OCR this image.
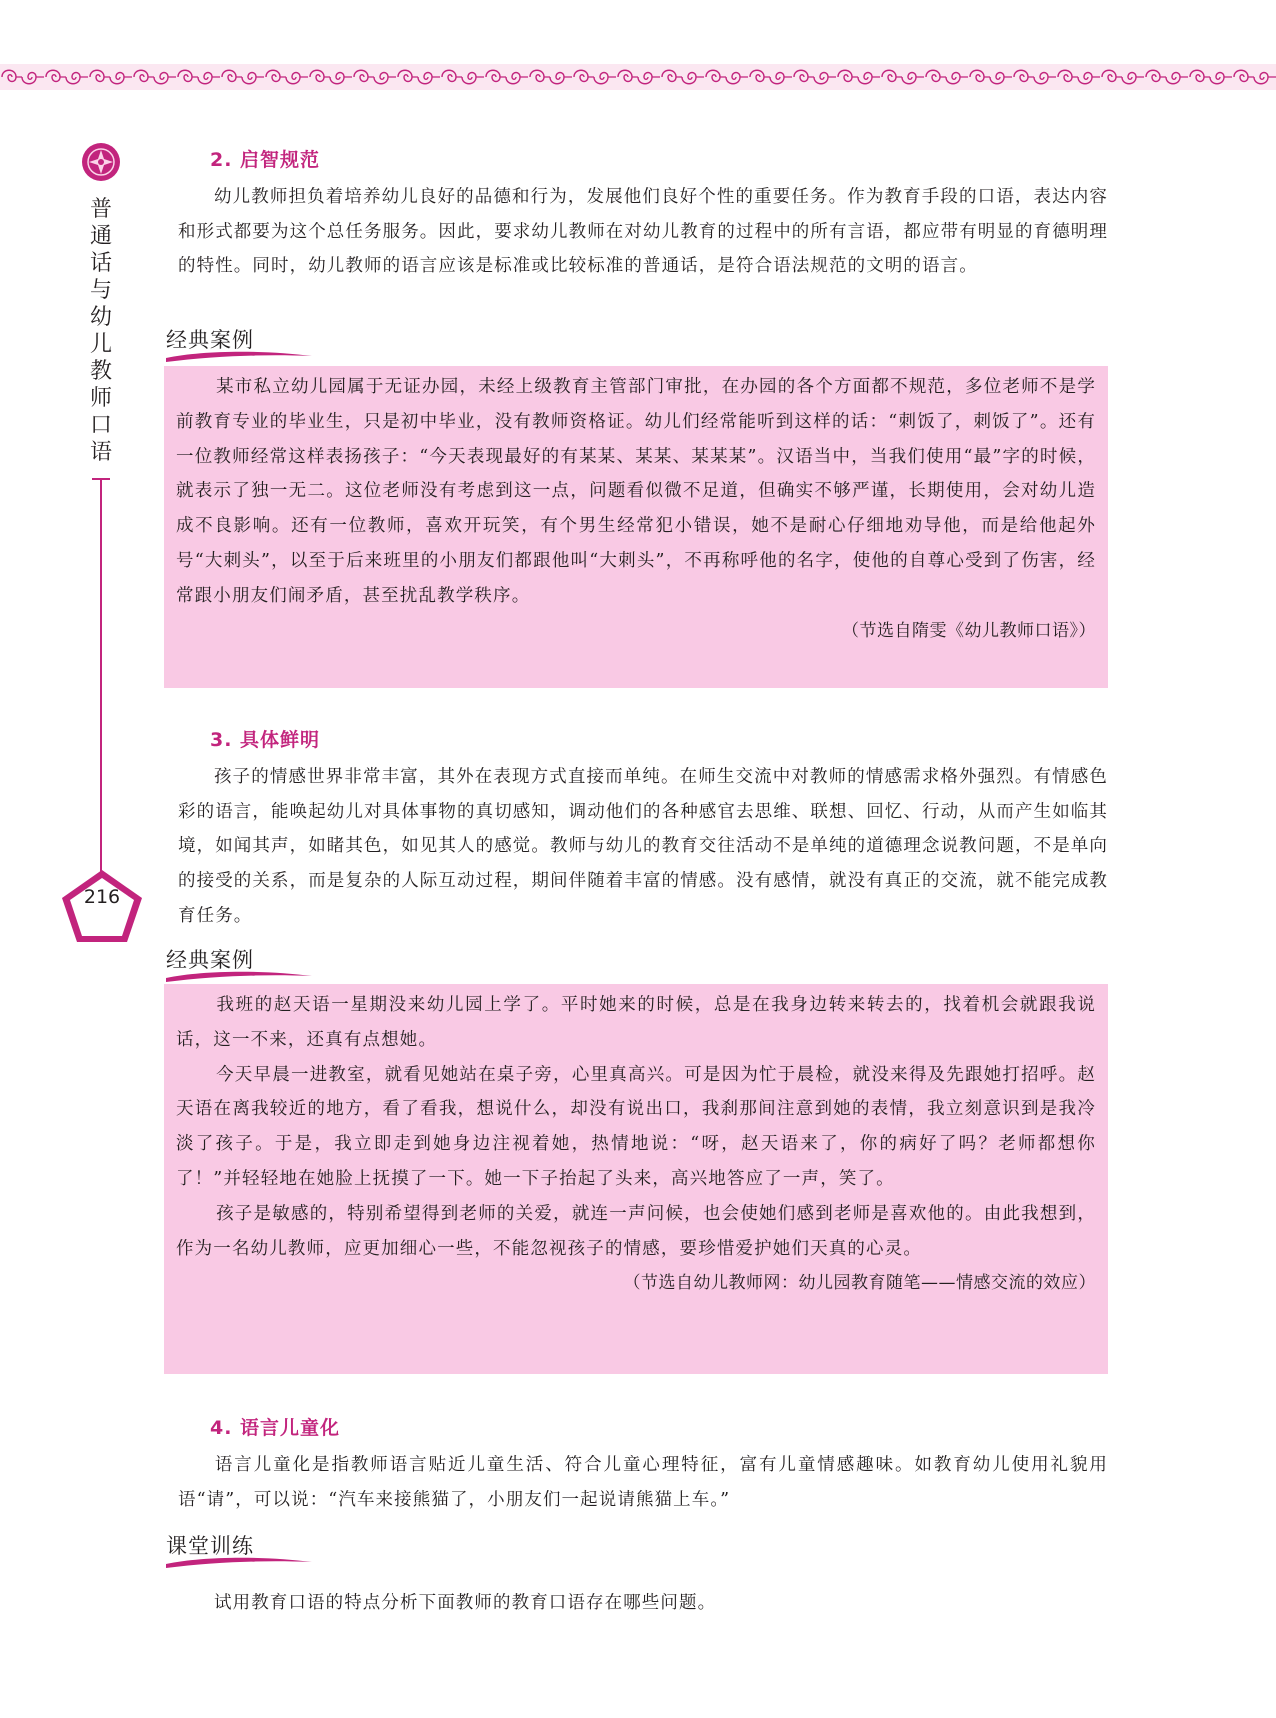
普
通
话
与
幼
儿
教
师
口
语
216
2. 启智规范

幼儿教师担负着培养幼儿良好的品德和行为，发展他们良好个性的重要任务。作为教育手段的口语，表达内容和形式都要为这个总任务服务。因此，要求幼儿教师在对幼儿教育的过程中的所有言语，都应带有明显的育德明理的特性。同时，幼儿教师的语言应该是标准或比较标准的普通话，是符合语法规范的文明的语言。

经典案例

某市私立幼儿园属于无证办园，未经上级教育主管部门审批，在办园的各个方面都不规范，多位老师不是学前教育专业的毕业生，只是初中毕业，没有教师资格证。幼儿们经常能听到这样的话：“刺饭了，刺饭了”。还有一位教师经常这样表扬孩子：“今天表现最好的有某某、某某、某某某”。汉语当中，当我们使用“最”字的时候，就表示了独一无二。这位老师没有考虑到这一点，问题看似微不足道，但确实不够严谨，长期使用，会对幼儿造成不良影响。还有一位教师，喜欢开玩笑，有个男生经常犯小错误，她不是耐心仔细地劝导他，而是给他起外号“大刺头”，以至于后来班里的小朋友们都跟他叫“大刺头”，不再称呼他的名字，使他的自尊心受到了伤害，经常跟小朋友们闹矛盾，甚至扰乱教学秩序。

（节选自隋雯《幼儿教师口语》）

3. 具体鲜明

孩子的情感世界非常丰富，其外在表现方式直接而单纯。在师生交流中对教师的情感需求格外强烈。有情感色彩的语言，能唤起幼儿对具体事物的真切感知，调动他们的各种感官去思维、联想、回忆、行动，从而产生如临其境，如闻其声，如睹其色，如见其人的感觉。教师与幼儿的教育交往活动不是单纯的道德理念说教问题，不是单向的接受的关系，而是复杂的人际互动过程，期间伴随着丰富的情感。没有感情，就没有真正的交流，就不能完成教育任务。

经典案例

我班的赵天语一星期没来幼儿园上学了。平时她来的时候，总是在我身边转来转去的，找着机会就跟我说话，这一不来，还真有点想她。

今天早晨一进教室，就看见她站在桌子旁，心里真高兴。可是因为忙于晨检，就没来得及先跟她打招呼。赵天语在离我较近的地方，看了看我，想说什么，却没有说出口，我刹那间注意到她的表情，我立刻意识到是我冷淡了孩子。于是，我立即走到她身边注视着她，热情地说：“呀，赵天语来了，你的病好了吗？老师都想你了！”并轻轻地在她脸上抚摸了一下。她一下子抬起了头来，高兴地答应了一声，笑了。

孩子是敏感的，特别希望得到老师的关爱，就连一声问候，也会使她们感到老师是喜欢他的。由此我想到，作为一名幼儿教师，应更加细心一些，不能忽视孩子的情感，要珍惜爱护她们天真的心灵。

（节选自幼儿教师网：幼儿园教育随笔——情感交流的效应）

4. 语言儿童化

语言儿童化是指教师语言贴近儿童生活、符合儿童心理特征，富有儿童情感趣味。如教育幼儿使用礼貌用语“请”，可以说：“汽车来接熊猫了，小朋友们一起说请熊猫上车。”

课堂训练

试用教育口语的特点分析下面教师的教育口语存在哪些问题。
